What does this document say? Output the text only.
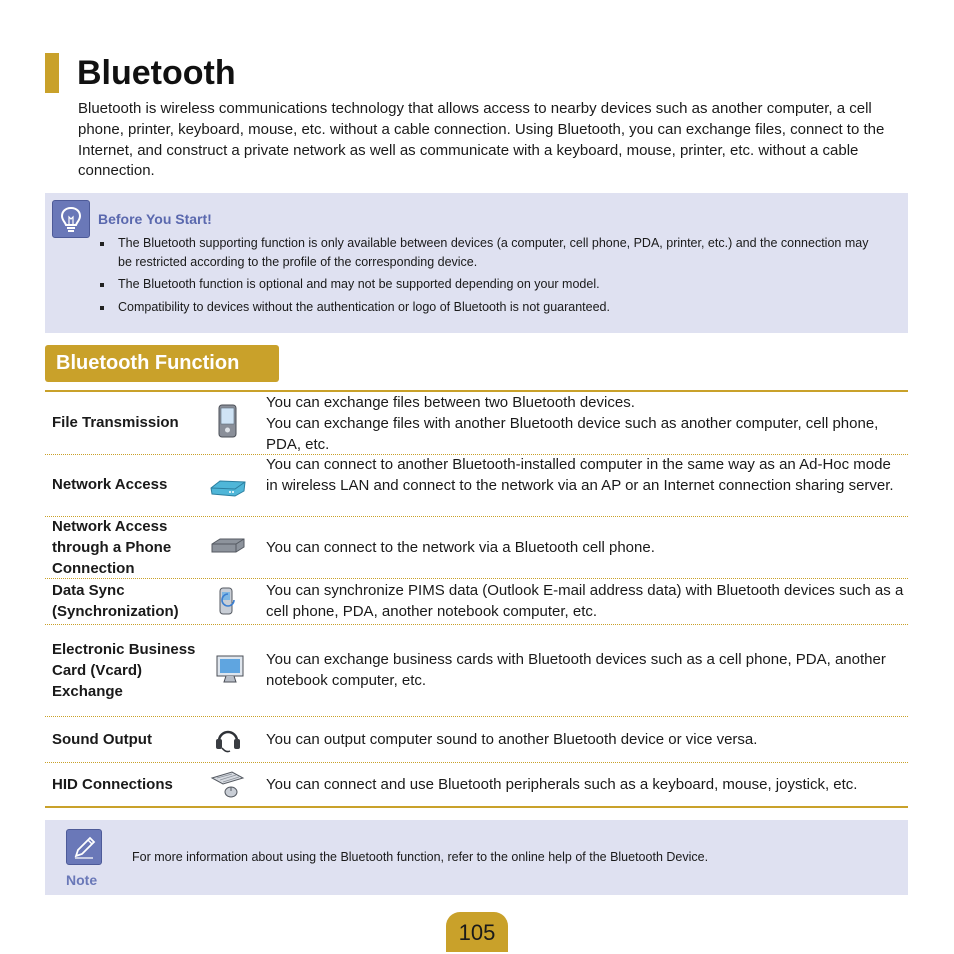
Bluetooth

Bluetooth is wireless communications technology that allows access to nearby devices such as another computer, a cell phone, printer, keyboard, mouse, etc. without a cable connection. Using Bluetooth, you can exchange files, connect to the Internet, and construct a private network as well as communicate with a keyboard, mouse, printer, etc. without a cable connection.

Before You Start!
The Bluetooth supporting function is only available between devices (a computer, cell phone, PDA, printer, etc.) and the connection may be restricted according to the profile of the corresponding device.
The Bluetooth function is optional and may not be supported depending on your model.
Compatibility to devices without the authentication or logo of Bluetooth is not guaranteed.
Bluetooth Function
File Transmission
You can exchange files between two Bluetooth devices.
You can exchange files with another Bluetooth device such as another computer, cell phone, PDA, etc.
Network Access
You can connect to another Bluetooth-installed computer in the same way as an Ad-Hoc mode in wireless LAN and connect to the network via an AP or an Internet connection sharing server.
Network Access through a Phone Connection
You can connect to the network via a Bluetooth cell phone.
Data Sync (Synchronization)
You can synchronize PIMS data (Outlook E-mail address data) with Bluetooth devices such as a cell phone, PDA, another notebook computer, etc.
Electronic Business Card (Vcard) Exchange
You can exchange business cards with Bluetooth devices such as a cell phone, PDA, another notebook computer, etc.
Sound Output	You can output computer sound to another Bluetooth device or vice versa.
HID Connections	You can connect and use Bluetooth peripherals such as a keyboard, mouse, joystick, etc.
Note
For more information about using the Bluetooth function, refer to the online help of the Bluetooth Device.
105
